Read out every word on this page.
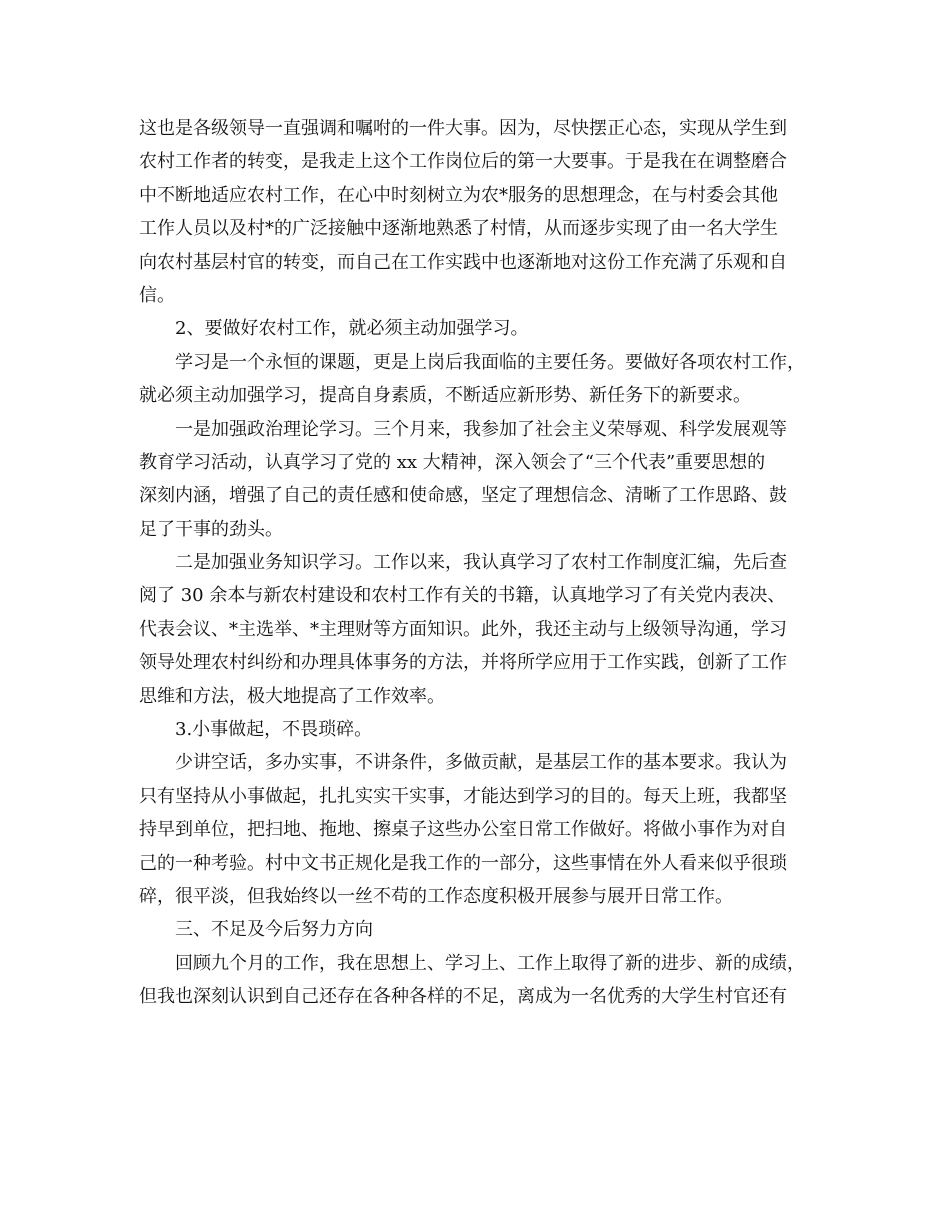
这也是各级领导一直强调和嘱咐的一件大事。因为，尽快摆正心态，实现从学生到
农村工作者的转变，是我走上这个工作岗位后的第一大要事。于是我在在调整磨合
中不断地适应农村工作，在心中时刻树立为农*服务的思想理念，在与村委会其他
工作人员以及村*的广泛接触中逐渐地熟悉了村情，从而逐步实现了由一名大学生
向农村基层村官的转变，而自己在工作实践中也逐渐地对这份工作充满了乐观和自
信。
2、要做好农村工作，就必须主动加强学习。
学习是一个永恒的课题，更是上岗后我面临的主要任务。要做好各项农村工作，
就必须主动加强学习，提高自身素质，不断适应新形势、新任务下的新要求。
一是加强政治理论学习。三个月来，我参加了社会主义荣辱观、科学发展观等
教育学习活动，认真学习了党的 xx 大精神，深入领会了“三个代表”重要思想的
深刻内涵，增强了自己的责任感和使命感，坚定了理想信念、清晰了工作思路、鼓
足了干事的劲头。
二是加强业务知识学习。工作以来，我认真学习了农村工作制度汇编，先后查
阅了 30 余本与新农村建设和农村工作有关的书籍，认真地学习了有关党内表决、
代表会议、*主选举、*主理财等方面知识。此外，我还主动与上级领导沟通，学习
领导处理农村纠纷和办理具体事务的方法，并将所学应用于工作实践，创新了工作
思维和方法，极大地提高了工作效率。
3.小事做起，不畏琐碎。
少讲空话，多办实事，不讲条件，多做贡献，是基层工作的基本要求。我认为
只有坚持从小事做起，扎扎实实干实事，才能达到学习的目的。每天上班，我都坚
持早到单位，把扫地、拖地、擦桌子这些办公室日常工作做好。将做小事作为对自
己的一种考验。村中文书正规化是我工作的一部分，这些事情在外人看来似乎很琐
碎，很平淡，但我始终以一丝不苟的工作态度积极开展参与展开日常工作。
三、不足及今后努力方向
回顾九个月的工作，我在思想上、学习上、工作上取得了新的进步、新的成绩，
但我也深刻认识到自己还存在各种各样的不足，离成为一名优秀的大学生村官还有
